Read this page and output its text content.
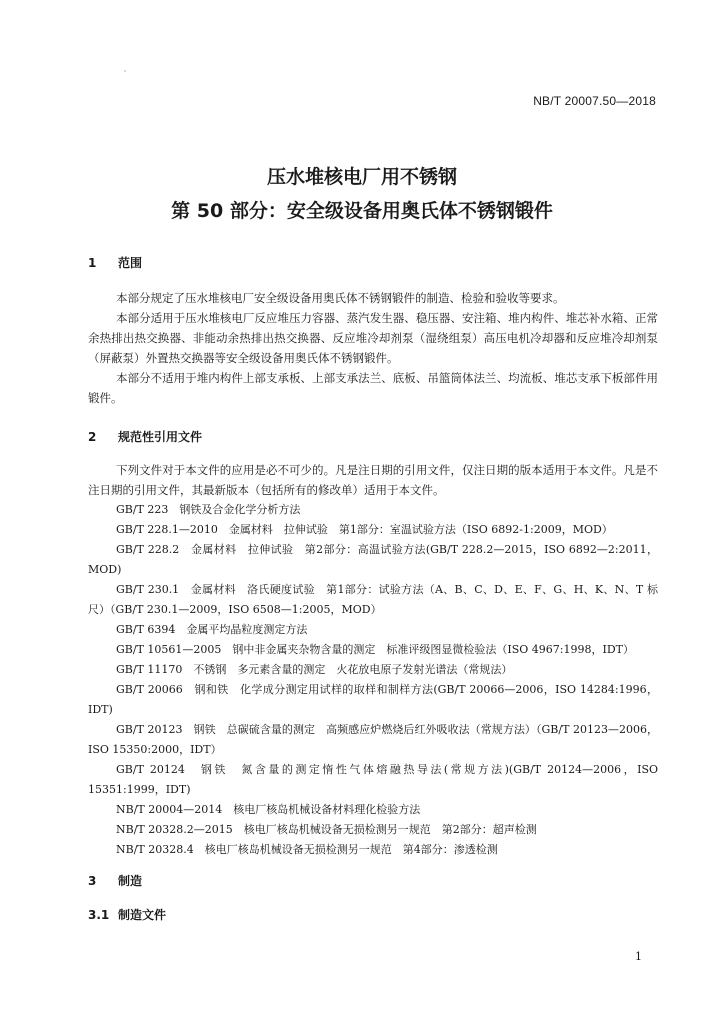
NB/T 20007.50—2018
压水堆核电厂用不锈钢
第 50 部分：安全级设备用奥氏体不锈钢锻件
1 范围
本部分规定了压水堆核电厂安全级设备用奥氏体不锈钢锻件的制造、检验和验收等要求。
本部分适用于压水堆核电厂反应堆压力容器、蒸汽发生器、稳压器、安注箱、堆内构件、堆芯补水箱、正常余热排出热交换器、非能动余热排出热交换器、反应堆冷却剂泵（湿绕组泵）高压电机冷却器和反应堆冷却剂泵（屏蔽泵）外置热交换器等安全级设备用奥氏体不锈钢锻件。
本部分不适用于堆内构件上部支承板、上部支承法兰、底板、吊篮筒体法兰、均流板、堆芯支承下板部件用锻件。
2 规范性引用文件
下列文件对于本文件的应用是必不可少的。凡是注日期的引用文件，仅注日期的版本适用于本文件。凡是不注日期的引用文件，其最新版本（包括所有的修改单）适用于本文件。
GB/T 223　钢铁及合金化学分析方法
GB/T 228.1—2010　金属材料　拉伸试验　第1部分：室温试验方法（ISO 6892-1:2009，MOD）
GB/T 228.2　金属材料　拉伸试验　第2部分：高温试验方法(GB/T 228.2—2015，ISO 6892—2:2011，MOD)
GB/T 230.1　金属材料　洛氏硬度试验　第1部分：试验方法（A、B、C、D、E、F、G、H、K、N、T 标尺）（GB/T 230.1—2009，ISO 6508—1:2005，MOD）
GB/T 6394　金属平均晶粒度测定方法
GB/T 10561—2005　钢中非金属夹杂物含量的测定　标准评级图显微检验法（ISO 4967:1998，IDT）
GB/T 11170　不锈钢　多元素含量的测定　火花放电原子发射光谱法（常规法）
GB/T 20066　钢和铁　化学成分测定用试样的取样和制样方法(GB/T 20066—2006，ISO 14284:1996，IDT)
GB/T 20123　钢铁　总碳硫含量的测定　高频感应炉燃烧后红外吸收法（常规方法）（GB/T 20123—2006，ISO 15350:2000，IDT）
GB/T 20124　钢铁　氮含量的测定惰性气体熔融热导法(常规方法)(GB/T 20124—2006，ISO 15351:1999，IDT)
NB/T 20004—2014　核电厂核岛机械设备材料理化检验方法
NB/T 20328.2—2015　核电厂核岛机械设备无损检测另一规范　第2部分：超声检测
NB/T 20328.4　核电厂核岛机械设备无损检测另一规范　第4部分：渗透检测
3 制造
3.1 制造文件
1
